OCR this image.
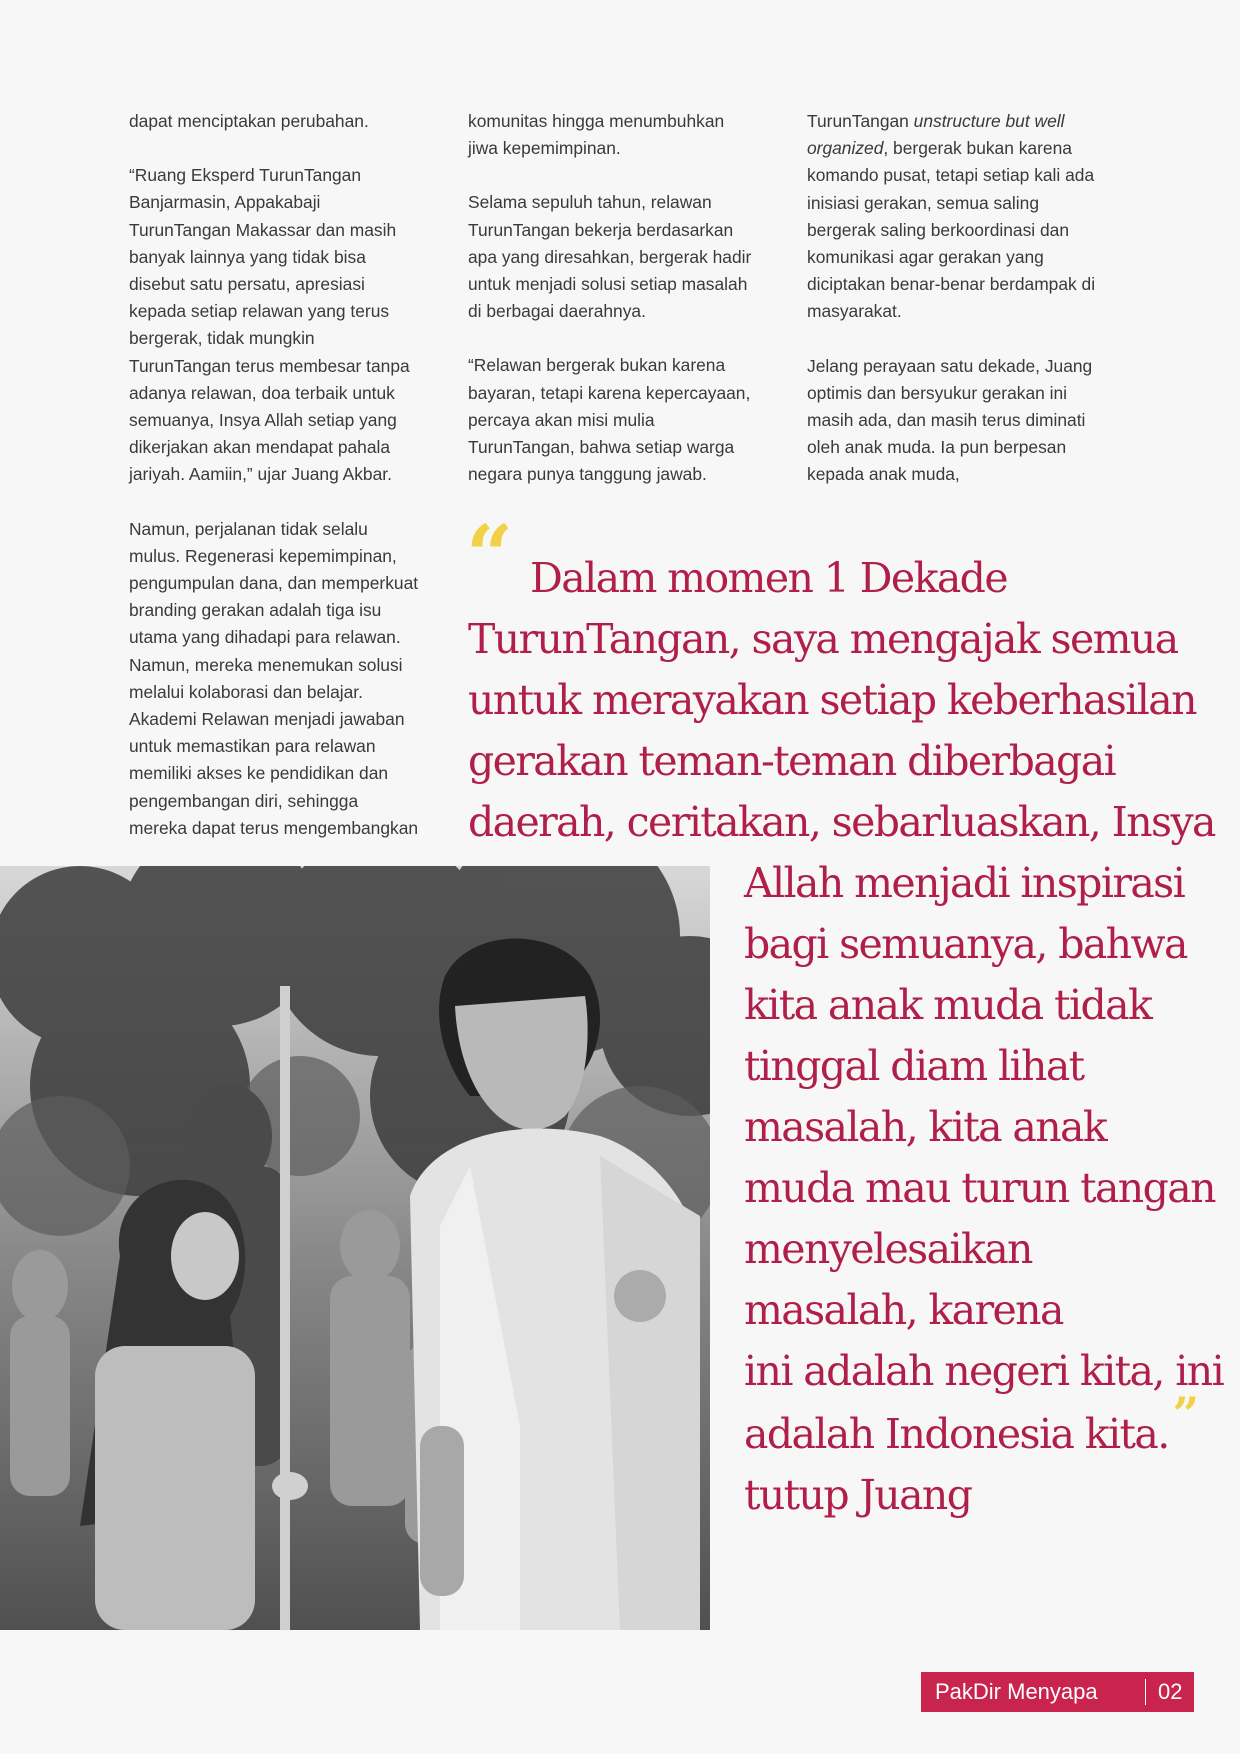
dapat menciptakan perubahan.

“Ruang Eksperd TurunTangan
Banjarmasin, Appakabaji
TurunTangan Makassar dan masih
banyak lainnya yang tidak bisa
disebut satu persatu, apresiasi
kepada setiap relawan yang terus
bergerak, tidak mungkin
TurunTangan terus membesar tanpa
adanya relawan, doa terbaik untuk
semuanya, Insya Allah setiap yang
dikerjakan akan mendapat pahala
jariyah. Aamiin,” ujar Juang Akbar.

Namun, perjalanan tidak selalu
mulus. Regenerasi kepemimpinan,
pengumpulan dana, dan memperkuat
branding gerakan adalah tiga isu
utama yang dihadapi para relawan.
Namun, mereka menemukan solusi
melalui kolaborasi dan belajar.
Akademi Relawan menjadi jawaban
untuk memastikan para relawan
memiliki akses ke pendidikan dan
pengembangan diri, sehingga
mereka dapat terus mengembangkan

komunitas hingga menumbuhkan
jiwa kepemimpinan.

Selama sepuluh tahun, relawan
TurunTangan bekerja berdasarkan
apa yang diresahkan, bergerak hadir
untuk menjadi solusi setiap masalah
di berbagai daerahnya.

“Relawan bergerak bukan karena
bayaran, tetapi karena kepercayaan,
percaya akan misi mulia
TurunTangan, bahwa setiap warga
negara punya tanggung jawab.

TurunTangan unstructure but well
organized, bergerak bukan karena
komando pusat, tetapi setiap kali ada
inisiasi gerakan, semua saling
bergerak saling berkoordinasi dan
komunikasi agar gerakan yang
diciptakan benar-benar berdampak di
masyarakat.

Jelang perayaan satu dekade, Juang
optimis dan bersyukur gerakan ini
masih ada, dan masih terus diminati
oleh anak muda. Ia pun berpesan
kepada anak muda,

“ Dalam momen 1 Dekade
TurunTangan, saya mengajak semua
untuk merayakan setiap keberhasilan
gerakan teman-teman diberbagai
daerah, ceritakan, sebarluaskan, Insya
Allah menjadi inspirasi
bagi semuanya, bahwa
kita anak muda tidak
tinggal diam lihat
masalah, kita anak
muda mau turun tangan
menyelesaikan
masalah, karena
ini adalah negeri kita, ini
adalah Indonesia kita.”
tutup Juang
PakDir Menyapa	02
